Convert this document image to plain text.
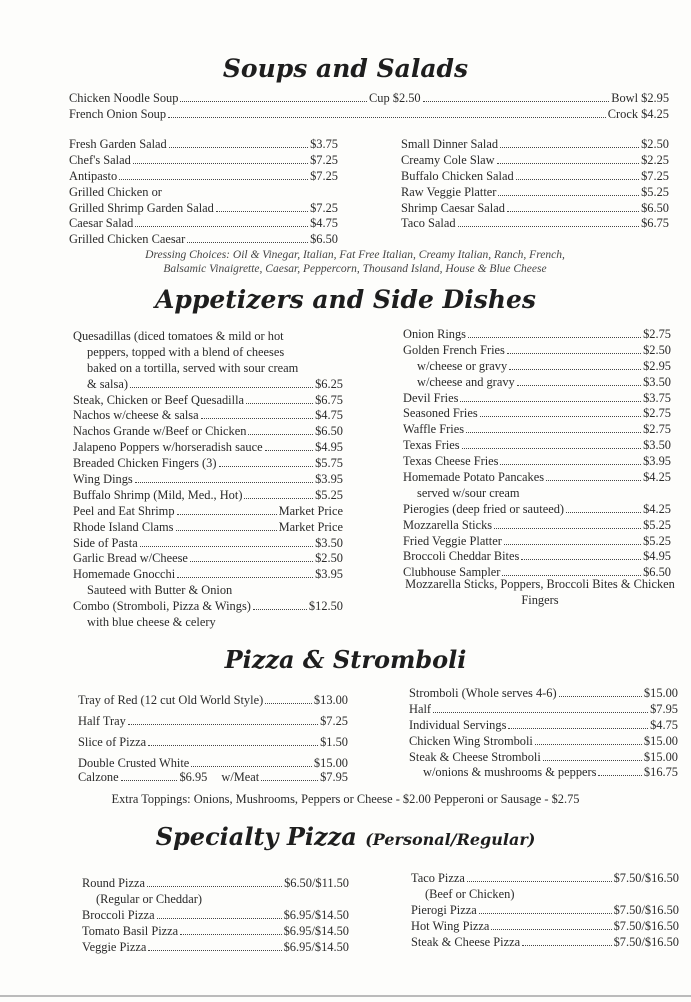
Soups and Salads
Chicken Noodle Soup	Cup $2.50	Bowl $2.95
French Onion Soup	Crock $4.25
Fresh Garden Salad	$3.75
Chef's Salad	$7.25
Antipasto	$7.25
Grilled Chicken or
Grilled Shrimp Garden Salad	$7.25
Caesar Salad	$4.75
Grilled Chicken Caesar	$6.50
Small Dinner Salad	$2.50
Creamy Cole Slaw	$2.25
Buffalo Chicken Salad	$7.25
Raw Veggie Platter	$5.25
Shrimp Caesar Salad	$6.50
Taco Salad	$6.75
Dressing Choices: Oil & Vinegar, Italian, Fat Free Italian, Creamy Italian, Ranch, French,
Balsamic Vinaigrette, Caesar, Peppercorn, Thousand Island, House & Blue Cheese
Appetizers and Side Dishes
Quesadillas (diced tomatoes & mild or hot
peppers, topped with a blend of cheeses
baked on a tortilla, served with sour cream
& salsa)	$6.25
Steak, Chicken or Beef Quesadilla	$6.75
Nachos w/cheese & salsa	$4.75
Nachos Grande w/Beef or Chicken	$6.50
Jalapeno Poppers w/horseradish sauce	$4.95
Breaded Chicken Fingers (3)	$5.75
Wing Dings	$3.95
Buffalo Shrimp (Mild, Med., Hot)	$5.25
Peel and Eat Shrimp	Market Price
Rhode Island Clams	Market Price
Side of Pasta	$3.50
Garlic Bread w/Cheese	$2.50
Homemade Gnocchi	$3.95
Sauteed with Butter & Onion
Combo (Stromboli, Pizza & Wings)	$12.50
with blue cheese & celery
Onion Rings	$2.75
Golden French Fries	$2.50
w/cheese or gravy	$2.95
w/cheese and gravy	$3.50
Devil Fries	$3.75
Seasoned Fries	$2.75
Waffle Fries	$2.75
Texas Fries	$3.50
Texas Cheese Fries	$3.95
Homemade Potato Pancakes	$4.25
served w/sour cream
Pierogies (deep fried or sauteed)	$4.25
Mozzarella Sticks	$5.25
Fried Veggie Platter	$5.25
Broccoli Cheddar Bites	$4.95
Clubhouse Sampler	$6.50
Mozzarella Sticks, Poppers, Broccoli Bites & Chicken Fingers
Pizza & Stromboli
Tray of Red (12 cut Old World Style)	$13.00
Half Tray	$7.25
Slice of Pizza	$1.50
Double Crusted White	$15.00
Calzone	$6.95 w/Meat	$7.95
Stromboli (Whole serves 4-6)	$15.00
Half	$7.95
Individual Servings	$4.75
Chicken Wing Stromboli	$15.00
Steak & Cheese Stromboli	$15.00
w/onions & mushrooms & peppers	$16.75
Extra Toppings: Onions, Mushrooms, Peppers or Cheese - $2.00 Pepperoni or Sausage - $2.75
Specialty Pizza (Personal/Regular)
Round Pizza	$6.50/$11.50
(Regular or Cheddar)
Broccoli Pizza	$6.95/$14.50
Tomato Basil Pizza	$6.95/$14.50
Veggie Pizza	$6.95/$14.50
Taco Pizza	$7.50/$16.50
(Beef or Chicken)
Pierogi Pizza	$7.50/$16.50
Hot Wing Pizza	$7.50/$16.50
Steak & Cheese Pizza	$7.50/$16.50
